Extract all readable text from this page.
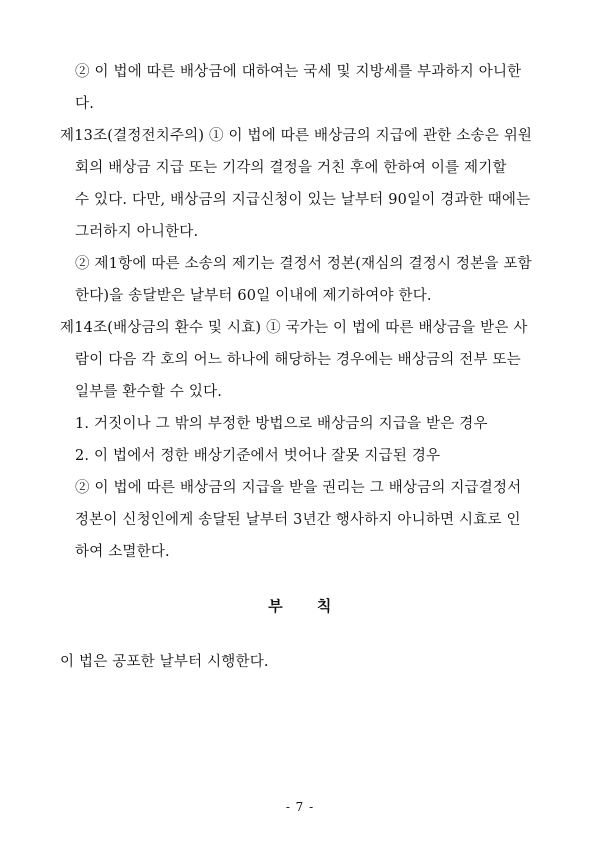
② 이 법에 따른 배상금에 대하여는 국세 및 지방세를 부과하지 아니한
다.
제13조(결정전치주의) ① 이 법에 따른 배상금의 지급에 관한 소송은 위원
회의 배상금 지급 또는 기각의 결정을 거친 후에 한하여 이를 제기할
수 있다. 다만, 배상금의 지급신청이 있는 날부터 90일이 경과한 때에는
그러하지 아니한다.
② 제1항에 따른 소송의 제기는 결정서 정본(재심의 결정시 정본을 포함
한다)을 송달받은 날부터 60일 이내에 제기하여야 한다.
제14조(배상금의 환수 및 시효) ① 국가는 이 법에 따른 배상금을 받은 사
람이 다음 각 호의 어느 하나에 해당하는 경우에는 배상금의 전부 또는
일부를 환수할 수 있다.
1. 거짓이나 그 밖의 부정한 방법으로 배상금의 지급을 받은 경우
2. 이 법에서 정한 배상기준에서 벗어나 잘못 지급된 경우
② 이 법에 따른 배상금의 지급을 받을 권리는 그 배상금의 지급결정서
정본이 신청인에게 송달된 날부터 3년간 행사하지 아니하면 시효로 인
하여 소멸한다.
부 칙
이 법은 공포한 날부터 시행한다.
- 7 -
